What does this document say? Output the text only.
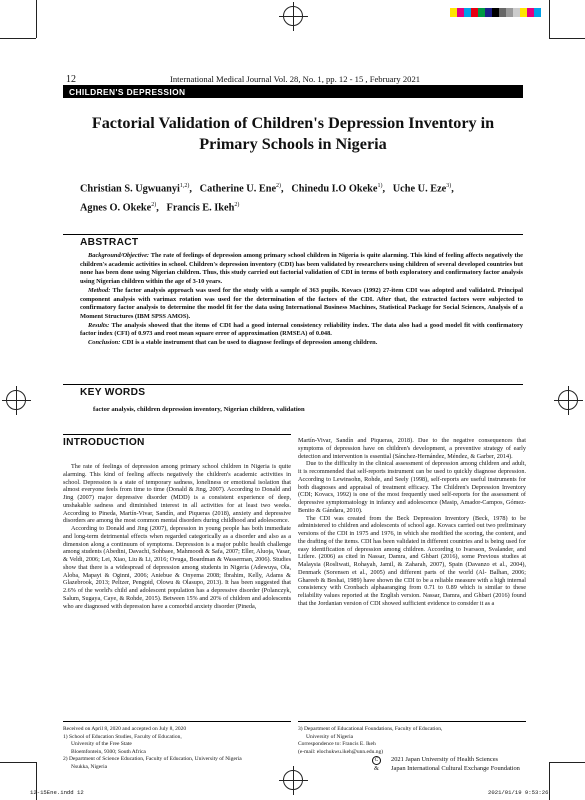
12	International Medical Journal Vol. 28, No. 1, pp. 12 - 15 , February 2021
CHILDREN'S DEPRESSION
Factorial Validation of Children's Depression Inventory in Primary Schools in Nigeria
Christian S. Ugwuanyi$^{1,2)}$,   Catherine U. Ene$^{2)}$,   Chinedu I.O Okeke$^{1)}$,   Uche U. Eze$^{3)}$,
Agnes O. Okeke$^{2)}$,   Francis E. Ikeh$^{2)}$
ABSTRACT

Background/Objective: The rate of feelings of depression among primary school children in Nigeria is quite alarming. This kind of feeling affects negatively the children's academic activities in school. Children's depression inventory (CDI) has been validated by researchers using children of several developed countries but none has been done using Nigerian children. Thus, this study carried out factorial validation of CDI in terms of both exploratory and confirmatory factor analysis using Nigerian children within the age of 3-10 years.

Method: The factor analysis approach was used for the study with a sample of 363 pupils. Kovacs (1992) 27-item CDI was adopted and validated. Principal component analysis with varimax rotation was used for the determination of the factors of the CDI. After that, the extracted factors were subjected to confirmatory factor analysis to determine the model fit for the data using International Business Machines, Statistical Package for Social Sciences, Analysis of a Moment Structures (IBM SPSS AMOS).

Results: The analysis showed that the items of CDI had a good internal consistency reliability index. The data also had a good model fit with confirmatory factor index (CFI) of 0.973 and root mean square error of approximation (RMSEA) of 0.048.

Conclusion: CDI is a stable instrument that can be used to diagnose feelings of depression among children.

KEY WORDS
factor analysis, children depression inventory, Nigerian children, validation
INTRODUCTION

The rate of feelings of depression among primary school children in Nigeria is quite alarming. This kind of feeling affects negatively the children's academic activities in school. Depression is a state of temporary sadness, loneliness or emotional isolation that almost everyone feels from time to time (Donald & Jing, 2007). According to Donald and Jing (2007) major depressive disorder (MDD) is a consistent experience of deep, unshakable sadness and diminished interest in all activities for at least two weeks. According to Pineda, Martín-Vivar, Sandín, and Piqueras (2018), anxiety and depressive disorders are among the most common mental disorders during childhood and adolescence.

According to Donald and Jing (2007), depression in young people has both immediate and long-term detrimental effects when regarded categorically as a disorder and also as a dimension along a continuum of symptoms. Depression is a major public health challenge among students (Abedini, Davachi, Sohbaee, Mahmoodi & Safa, 2007; Eller, Aluoja, Vasar, & Veldi, 2006; Lei, Xiao, Liu & Li, 2016; Ovuga, Boardman & Wasserman, 2006). Studies show that there is a widespread of depression among students in Nigeria (Adewuya, Ola, Aloba, Mapayi & Oginni, 2006; Aniebue & Onyema 2008; Ibrahim, Kelly, Adams & Glazebrook, 2013; Peltzer, Pengpid, Olowu & Olasupo, 2013). It has been suggested that 2.6% of the world's child and adolescent population has a depressive disorder (Polanczyk, Salum, Sugaya, Caye, & Rohde, 2015). Between 15% and 20% of children and adolescents who are diagnosed with depression have a comorbid anxiety disorder (Pineda,

Martín-Vivar, Sandín and Piqueras, 2018). Due to the negative consequences that symptoms of depression have on children's development, a preventive strategy of early detection and intervention is essential (Sánchez-Hernández, Méndez, & Garber, 2014).

Due to the difficulty in the clinical assessment of depression among children and adult, it is recommended that self-reports instrument can be used to quickly diagnose depression. According to Lewinsohn, Rohde, and Seely (1998), self-reports are useful instruments for both diagnoses and appraisal of treatment efficacy. The Children's Depression Inventory (CDI; Kovacs, 1992) is one of the most frequently used self-reports for the assessment of depressive symptomatology in infancy and adolescence (Masip, Amador-Campos, Gómez-Benito & Gándara, 2010).

The CDI was created from the Beck Depression Inventory (Beck, 1978) to be administered to children and adolescents of school age. Kovacs carried out two preliminary versions of the CDI in 1975 and 1976, in which she modified the scoring, the content, and the drafting of the items. CDI has been validated in different countries and is being used for easy identification of depression among children. According to Ivarsson, Svalander, and Litlere. (2006) as cited in Nassar, Damra, and Ghbari (2016), some Previous studies at Malaysia (Rosliwati, Rohayah, Jamil, & Zaharah, 2007), Spain (Davanzo et al., 2004), Denmark (Sorensen et al., 2005) and different parts of the world (Al- Balhan, 2006; Ghareeb & Beshai, 1989) have shown the CDI to be a reliable measure with a high internal consistency with Cronbach alphaaranging from 0.71 to 0.89 which is similar to these reliability values reported at the English version. Nassar, Damra, and Ghbari (2016) found that the Jordanian version of CDI showed sufficient evidence to consider it as a

Received on April 8, 2020 and accepted on July 8, 2020
1) School of Education Studies, Faculty of Education,
University of the Free State
Bloemfontein, 9300; South Africa
2) Department of Science Education, Faculty of Education, University of Nigeria
Nsukka, Nigeria
3) Department of Educational Foundations, Faculty of Education,
University of Nigeria
Correspondence to: Francis E. Ikeh
(e-mail: elochukwu.ikeh@unn.edu.ng)
C 2021 Japan University of Health Sciences
& Japan International Cultural Exchange Foundation
12-15Ene.indd 12	2021/01/19 9:53:26
